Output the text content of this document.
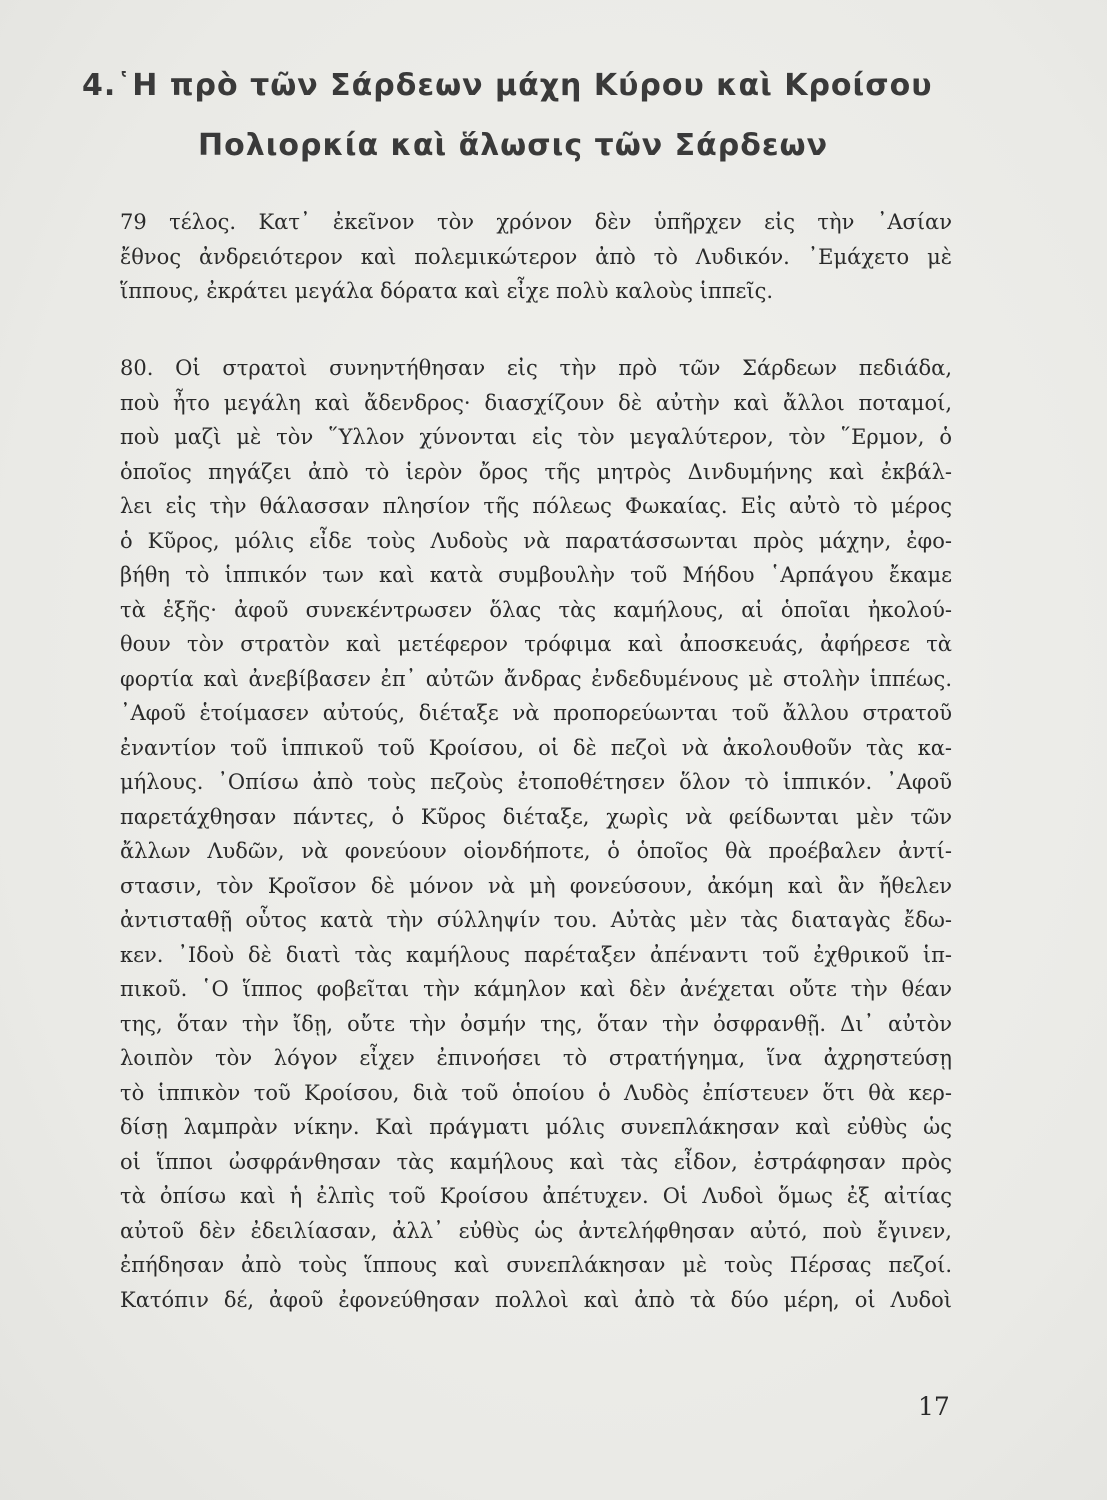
4.῾Η πρὸ τῶν Σάρδεων μάχη Κύρου καὶ Κροίσου
Πολιορκία καὶ ἅλωσις τῶν Σάρδεων
79 τέλος. Κατ᾿ ἐκεῖνον τὸν χρόνον δὲν ὑπῆρχεν εἰς τὴν ᾿Ασίαν
ἔθνος ἀνδρειότερον καὶ πολεμικώτερον ἀπὸ τὸ Λυδικόν. ᾿Εμάχετο μὲ
ἵππους, ἐκράτει μεγάλα δόρατα καὶ εἶχε πολὺ καλοὺς ἱππεῖς.
80. Οἱ στρατοὶ συνηντήθησαν εἰς τὴν πρὸ τῶν Σάρδεων πεδιάδα,
ποὺ ἦτο μεγάλη καὶ ἄδενδρος· διασχίζουν δὲ αὐτὴν καὶ ἄλλοι ποταμοί,
ποὺ μαζὶ μὲ τὸν ῞Υλλον χύνονται εἰς τὸν μεγαλύτερον, τὸν ῞Ερμον, ὁ
ὁποῖος πηγάζει ἀπὸ τὸ ἱερὸν ὄρος τῆς μητρὸς Δινδυμήνης καὶ ἐκβάλ-
λει εἰς τὴν θάλασσαν πλησίον τῆς πόλεως Φωκαίας. Εἰς αὐτὸ τὸ μέρος
ὁ Κῦρος, μόλις εἶδε τοὺς Λυδοὺς νὰ παρατάσσωνται πρὸς μάχην, ἐφο-
βήθη τὸ ἱππικόν των καὶ κατὰ συμβουλὴν τοῦ Μήδου ῾Αρπάγου ἔκαμε
τὰ ἑξῆς· ἀφοῦ συνεκέντρωσεν ὅλας τὰς καμήλους, αἱ ὁποῖαι ἠκολού-
θουν τὸν στρατὸν καὶ μετέφερον τρόφιμα καὶ ἀποσκευάς, ἀφήρεσε τὰ
φορτία καὶ ἀνεβίβασεν ἐπ᾿ αὐτῶν ἄνδρας ἐνδεδυμένους μὲ στολὴν ἱππέως.
᾿Αφοῦ ἑτοίμασεν αὐτούς, διέταξε νὰ προπορεύωνται τοῦ ἄλλου στρατοῦ
ἐναντίον τοῦ ἱππικοῦ τοῦ Κροίσου, οἱ δὲ πεζοὶ νὰ ἀκολουθοῦν τὰς κα-
μήλους. ᾿Οπίσω ἀπὸ τοὺς πεζοὺς ἐτοποθέτησεν ὅλον τὸ ἱππικόν. ᾿Αφοῦ
παρετάχθησαν πάντες, ὁ Κῦρος διέταξε, χωρὶς νὰ φείδωνται μὲν τῶν
ἄλλων Λυδῶν, νὰ φονεύουν οἱονδήποτε, ὁ ὁποῖος θὰ προέβαλεν ἀντί-
στασιν, τὸν Κροῖσον δὲ μόνον νὰ μὴ φονεύσουν, ἀκόμη καὶ ἂν ἤθελεν
ἀντισταθῇ οὗτος κατὰ τὴν σύλληψίν του. Αὐτὰς μὲν τὰς διαταγὰς ἔδω-
κεν. ᾿Ιδοὺ δὲ διατὶ τὰς καμήλους παρέταξεν ἀπέναντι τοῦ ἐχθρικοῦ ἱπ-
πικοῦ. ῾Ο ἵππος φοβεῖται τὴν κάμηλον καὶ δὲν ἀνέχεται οὔτε τὴν θέαν
της, ὅταν τὴν ἴδῃ, οὔτε τὴν ὀσμήν της, ὅταν τὴν ὀσφρανθῇ. Δι᾿ αὐτὸν
λοιπὸν τὸν λόγον εἶχεν ἐπινοήσει τὸ στρατήγημα, ἵνα ἀχρηστεύσῃ
τὸ ἱππικὸν τοῦ Κροίσου, διὰ τοῦ ὁποίου ὁ Λυδὸς ἐπίστευεν ὅτι θὰ κερ-
δίσῃ λαμπρὰν νίκην. Καὶ πράγματι μόλις συνεπλάκησαν καὶ εὐθὺς ὡς
οἱ ἵπποι ὠσφράνθησαν τὰς καμήλους καὶ τὰς εἶδον, ἐστράφησαν πρὸς
τὰ ὀπίσω καὶ ἡ ἐλπὶς τοῦ Κροίσου ἀπέτυχεν. Οἱ Λυδοὶ ὅμως ἐξ αἰτίας
αὐτοῦ δὲν ἐδειλίασαν, ἀλλ᾿ εὐθὺς ὡς ἀντελήφθησαν αὐτό, ποὺ ἔγινεν,
ἐπήδησαν ἀπὸ τοὺς ἵππους καὶ συνεπλάκησαν μὲ τοὺς Πέρσας πεζοί.
Κατόπιν δέ, ἀφοῦ ἐφονεύθησαν πολλοὶ καὶ ἀπὸ τὰ δύο μέρη, οἱ Λυδοὶ
17
